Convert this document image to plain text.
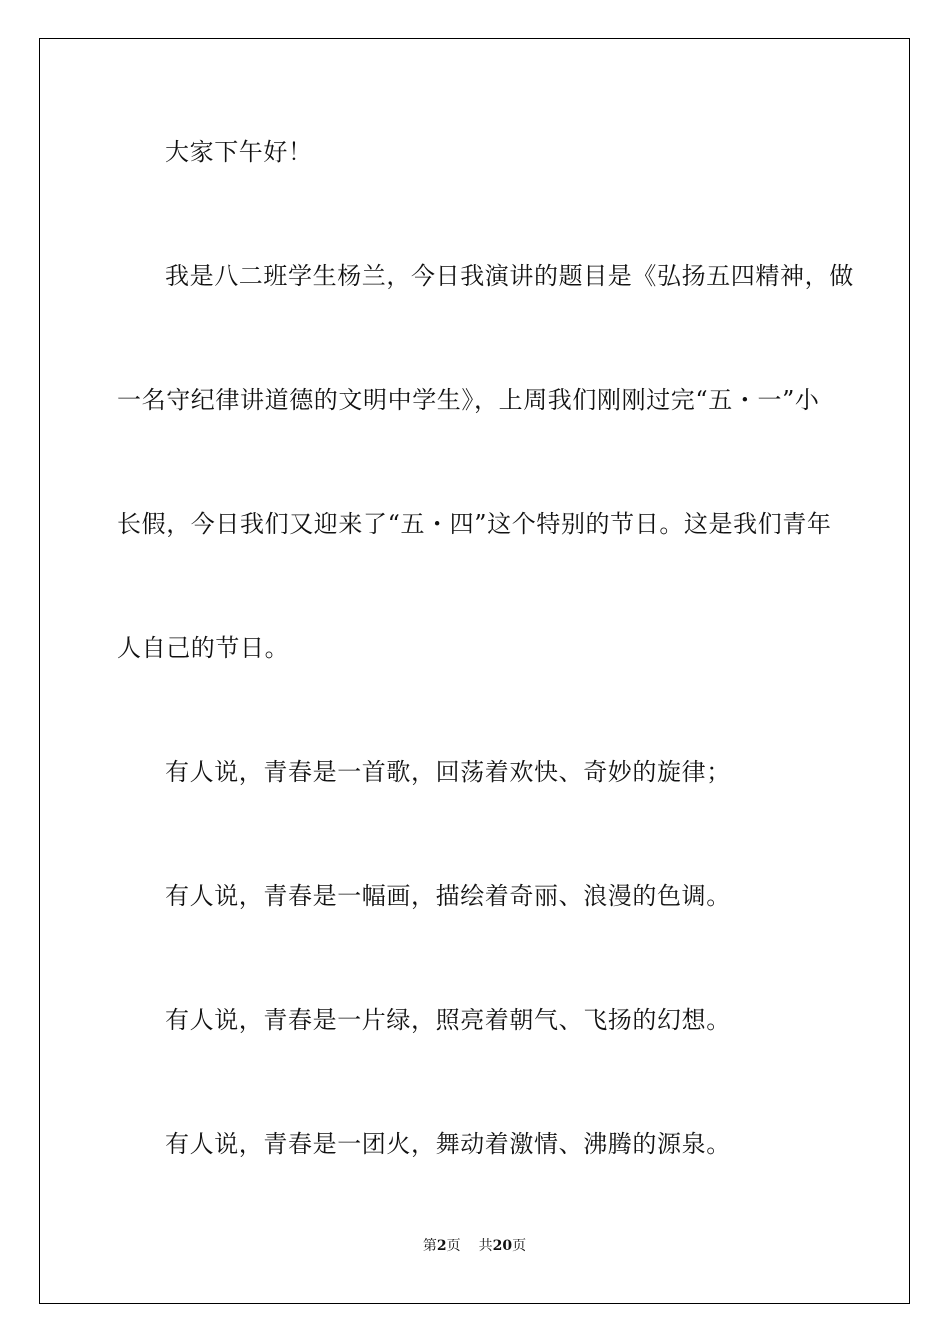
大家下午好！

我是八二班学生杨兰，今日我演讲的题目是《弘扬五四精神，做

一名守纪律讲道德的文明中学生》，上周我们刚刚过完“五・一”小

长假，今日我们又迎来了“五・四”这个特别的节日。这是我们青年

人自己的节日。

有人说，青春是一首歌，回荡着欢快、奇妙的旋律；

有人说，青春是一幅画，描绘着奇丽、浪漫的色调。

有人说，青春是一片绿，照亮着朝气、飞扬的幻想。

有人说，青春是一团火，舞动着激情、沸腾的源泉。

第2页 共20页
